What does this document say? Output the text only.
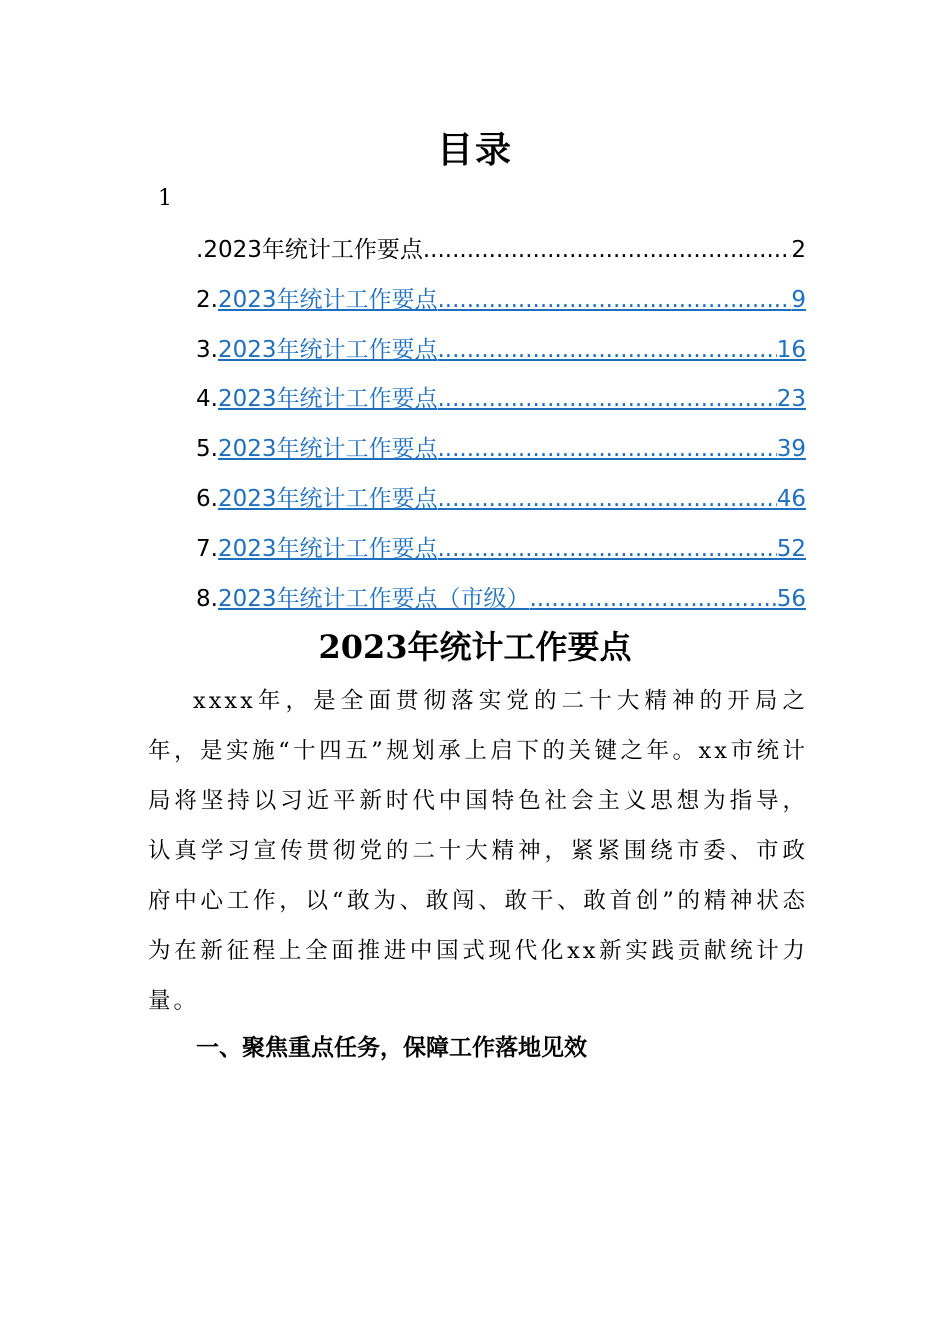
目录
1
. 2023年统计工作要点 .....	2
2. 2023年统计工作要点 .....	9
3. 2023年统计工作要点 .....	16
4. 2023年统计工作要点 .....	23
5. 2023年统计工作要点 .....	39
6. 2023年统计工作要点 .....	46
7. 2023年统计工作要点 .....	52
8. 2023年统计工作要点（市级） .....	56
2023年统计工作要点

xxxx年，是全面贯彻落实党的二十大精神的开局之年，是实施“十四五”规划承上启下的关键之年。xx市统计局将坚持以习近平新时代中国特色社会主义思想为指导，认真学习宣传贯彻党的二十大精神，紧紧围绕市委、市政府中心工作，以“敢为、敢闯、敢干、敢首创”的精神状态为在新征程上全面推进中国式现代化xx新实践贡献统计力量。

一、聚焦重点任务，保障工作落地见效
